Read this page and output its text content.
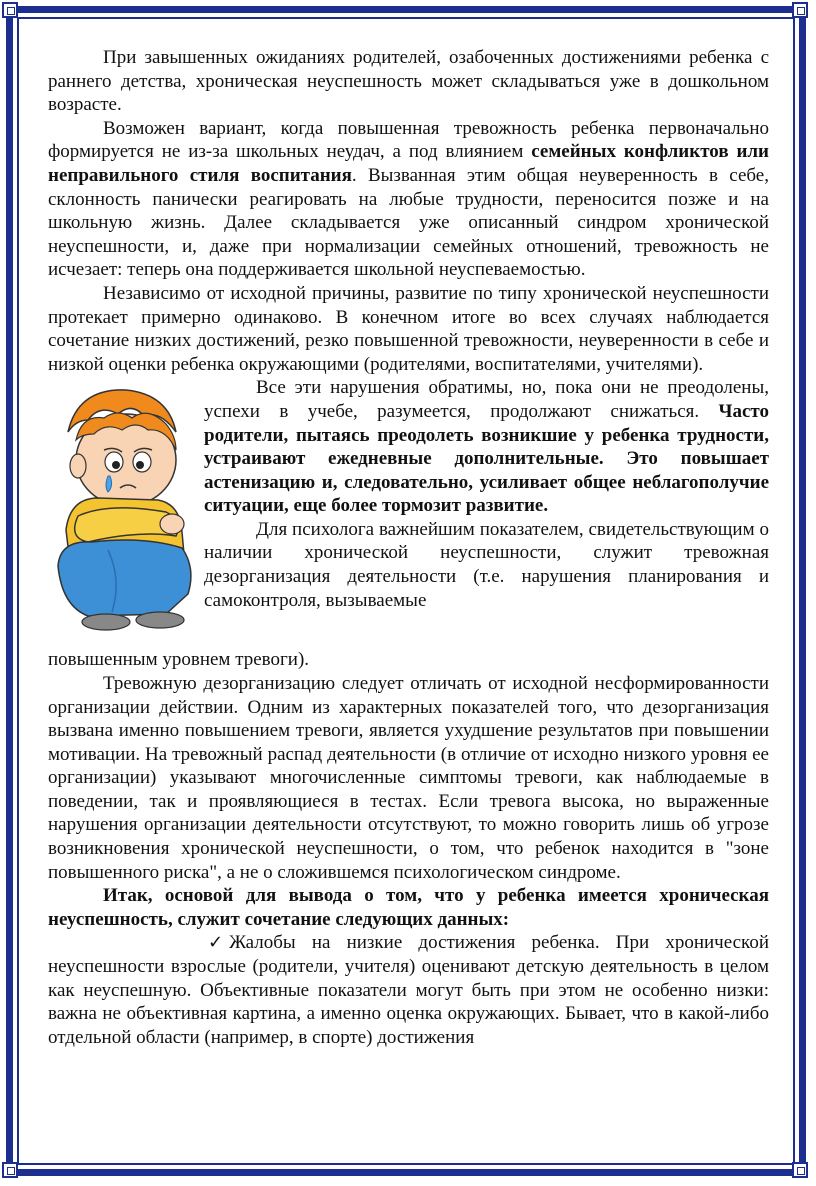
При завышенных ожиданиях родителей, озабоченных достижениями ребенка с раннего детства, хроническая неуспешность может складываться уже в дошкольном возрасте.

Возможен вариант, когда повышенная тревожность ребенка первоначально формируется не из-за школьных неудач, а под влиянием семейных конфликтов или неправильного стиля воспитания. Вызванная этим общая неуверенность в себе, склонность панически реагировать на любые трудности, переносится позже и на школьную жизнь. Далее складывается уже описанный синдром хронической неуспешности, и, даже при нормализации семейных отношений, тревожность не исчезает: теперь она поддерживается школьной неуспеваемостью.

Независимо от исходной причины, развитие по типу хронической неуспешности протекает примерно одинаково. В конечном итоге во всех случаях наблюдается сочетание низких достижений, резко повышенной тревожности, неуверенности в себе и низкой оценки ребенка окружающими (родителями, воспитателями, учителями).

Все эти нарушения обратимы, но, пока они не преодолены, успехи в учебе, разумеется, продолжают снижаться. Часто родители, пытаясь преодолеть возникшие у ребенка трудности, устраивают ежедневные дополнительные. Это повышает астенизацию и, следовательно, усиливает общее неблагополучие ситуации, еще более тормозит развитие.

Для психолога важнейшим показателем, свидетельствующим о наличии хронической неуспешности, служит тревожная дезорганизация деятельности (т.е. нарушения планирования и самоконтроля, вызываемые

повышенным уровнем тревоги).

Тревожную дезорганизацию следует отличать от исходной несформированности организации действии. Одним из характерных показателей того, что дезорганизация вызвана именно повышением тревоги, является ухудшение результатов при повышении мотивации. На тревожный распад деятельности (в отличие от исходно низкого уровня ее организации) указывают многочисленные симптомы тревоги, как наблюдаемые в поведении, так и проявляющиеся в тестах. Если тревога высока, но выраженные нарушения организации деятельности отсутствуют, то можно говорить лишь об угрозе возникновения хронической неуспешности, о том, что ребенок находится в "зоне повышенного риска", а не о сложившемся психологическом синдроме.

Итак, основой для вывода о том, что у ребенка имеется хроническая неуспешность, служит сочетание следующих данных:

✓ Жалобы на низкие достижения ребенка. При хронической неуспешности взрослые (родители, учителя) оценивают детскую деятельность в целом как неуспешную. Объективные показатели могут быть при этом не особенно низки: важна не объективная картина, а именно оценка окружающих. Бывает, что в какой-либо отдельной области (например, в спорте) достижения
